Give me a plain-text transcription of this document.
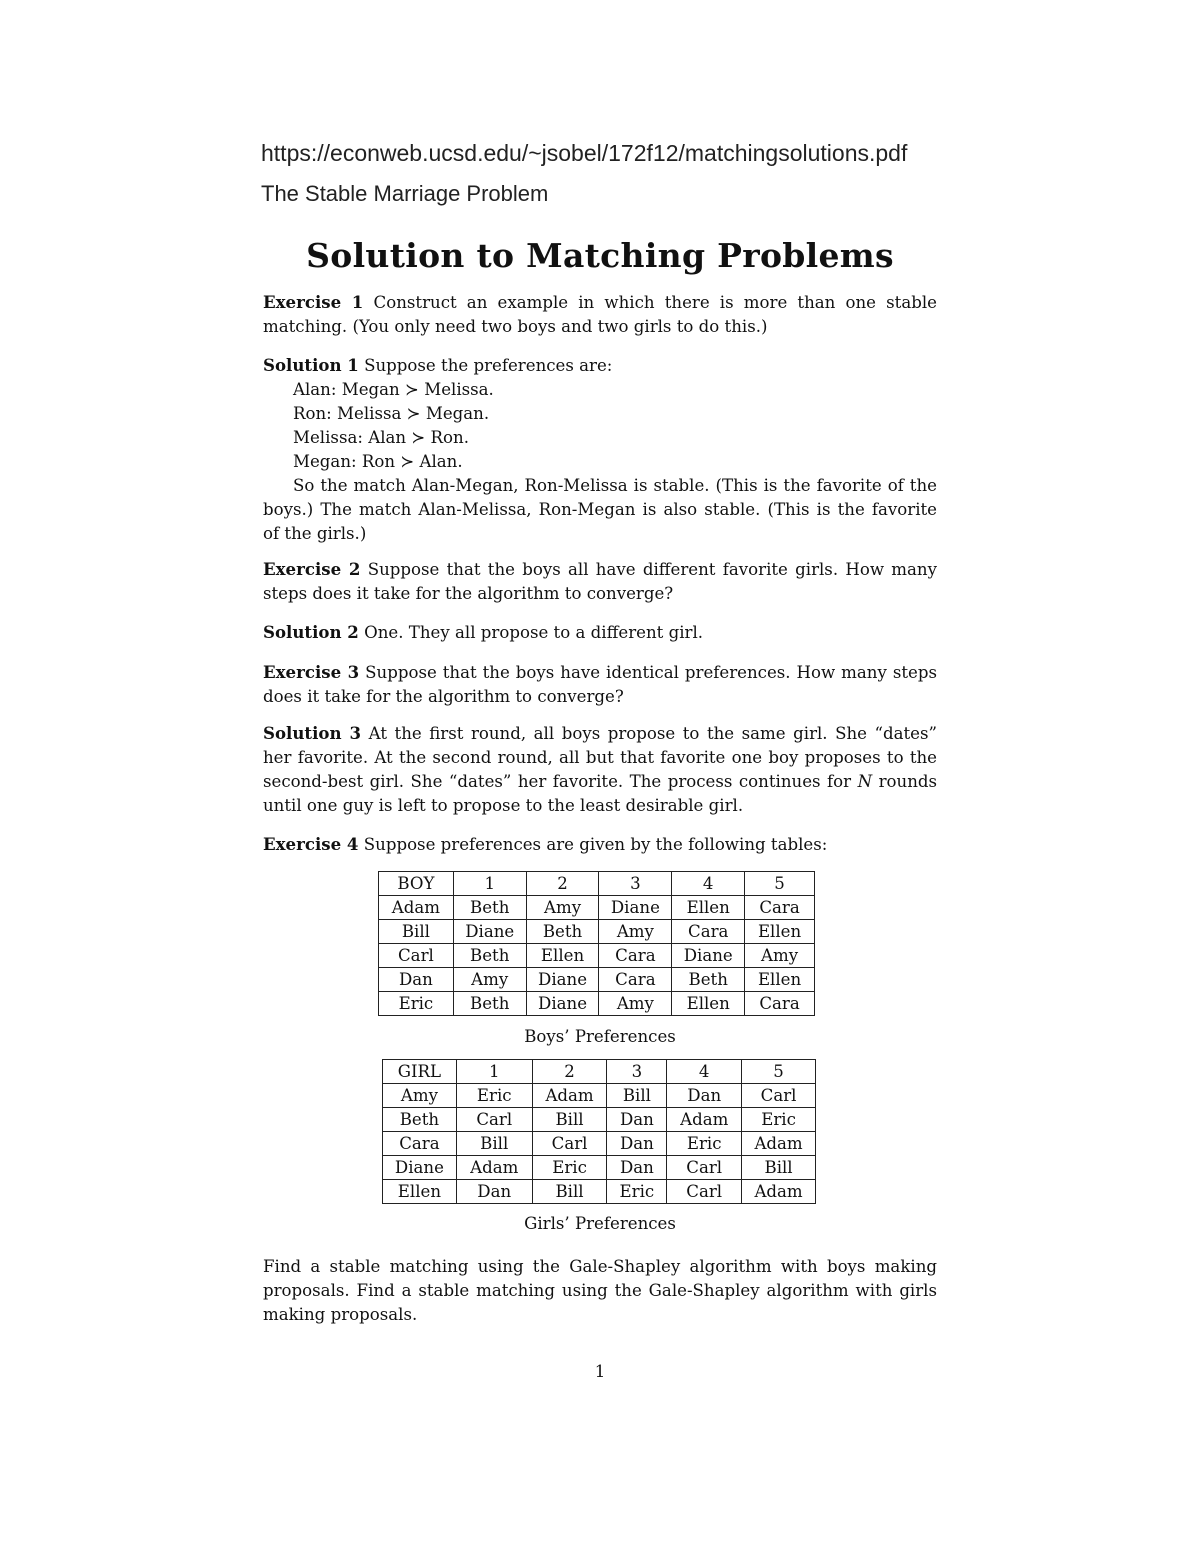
https://econweb.ucsd.edu/~jsobel/172f12/matchingsolutions.pdf
The Stable Marriage Problem
Solution to Matching Problems
Exercise 1 Construct an example in which there is more than one stable matching. (You only need two boys and two girls to do this.)
Solution 1 Suppose the preferences are:
Alan: Megan ≻ Melissa.
Ron: Melissa ≻ Megan.
Melissa: Alan ≻ Ron.
Megan: Ron ≻ Alan.
So the match Alan-Megan, Ron-Melissa is stable. (This is the favorite of the boys.) The match Alan-Melissa, Ron-Megan is also stable. (This is the favorite of the girls.)
Exercise 2 Suppose that the boys all have different favorite girls. How many steps does it take for the algorithm to converge?
Solution 2 One. They all propose to a different girl.
Exercise 3 Suppose that the boys have identical preferences. How many steps does it take for the algorithm to converge?
Solution 3 At the first round, all boys propose to the same girl. She “dates” her favorite. At the second round, all but that favorite one boy proposes to the second-best girl. She “dates” her favorite. The process continues for N rounds until one guy is left to propose to the least desirable girl.
Exercise 4 Suppose preferences are given by the following tables:
BOY	1	2	3	4	5
Adam	Beth	Amy	Diane	Ellen	Cara
Bill	Diane	Beth	Amy	Cara	Ellen
Carl	Beth	Ellen	Cara	Diane	Amy
Dan	Amy	Diane	Cara	Beth	Ellen
Eric	Beth	Diane	Amy	Ellen	Cara
Boys’ Preferences
GIRL	1	2	3	4	5
Amy	Eric	Adam	Bill	Dan	Carl
Beth	Carl	Bill	Dan	Adam	Eric
Cara	Bill	Carl	Dan	Eric	Adam
Diane	Adam	Eric	Dan	Carl	Bill
Ellen	Dan	Bill	Eric	Carl	Adam
Girls’ Preferences
Find a stable matching using the Gale-Shapley algorithm with boys making proposals. Find a stable matching using the Gale-Shapley algorithm with girls making proposals.
1
